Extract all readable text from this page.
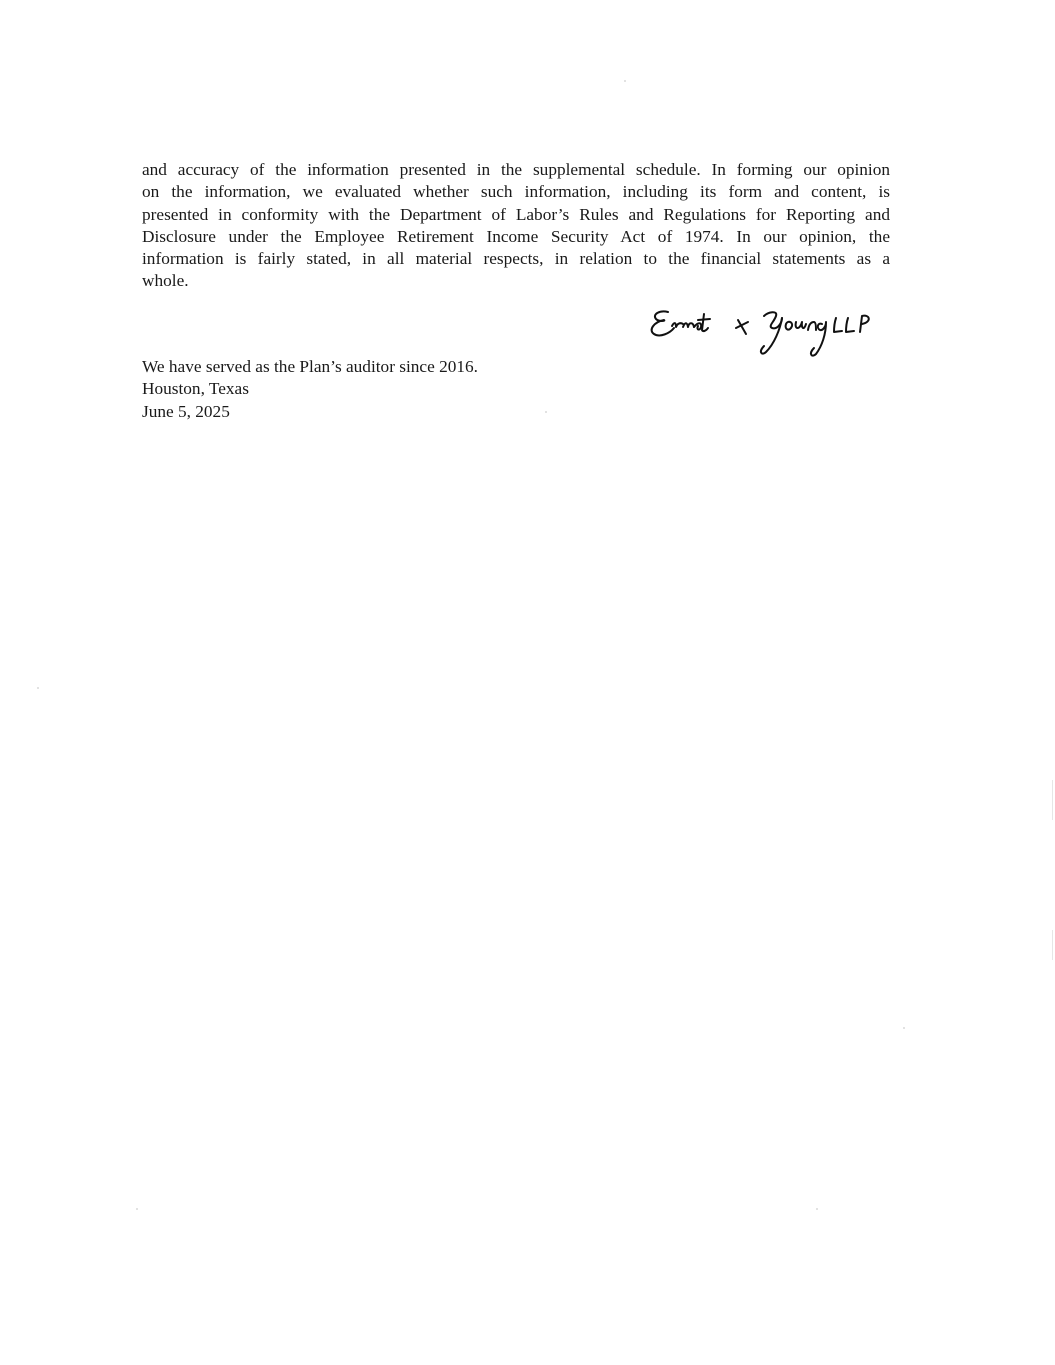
and accuracy of the information presented in the supplemental schedule. In forming our opinion
on the information, we evaluated whether such information, including its form and content, is
presented in conformity with the Department of Labor’s Rules and Regulations for Reporting and
Disclosure under the Employee Retirement Income Security Act of 1974. In our opinion, the
information is fairly stated, in all material respects, in relation to the financial statements as a
whole.
We have served as the Plan’s auditor since 2016.
Houston, Texas
June 5, 2025
